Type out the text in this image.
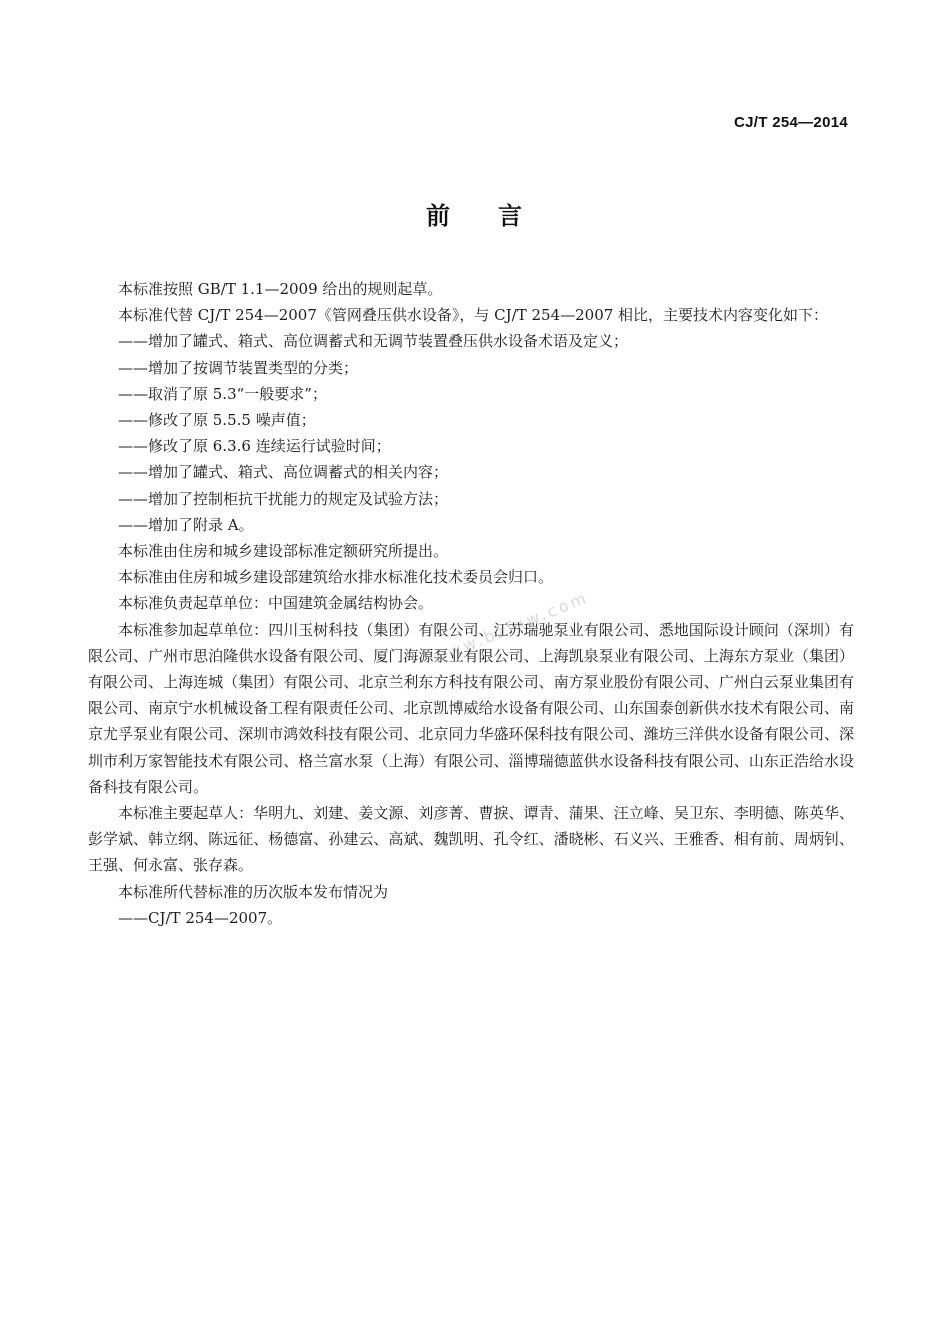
CJ/T 254—2014
前 言

本标准按照 GB/T 1.1—2009 给出的规则起草。

本标准代替 CJ/T 254—2007《管网叠压供水设备》，与 CJ/T 254—2007 相比，主要技术内容变化如下：

——增加了罐式、箱式、高位调蓄式和无调节装置叠压供水设备术语及定义；

——增加了按调节装置类型的分类；

——取消了原 5.3“一般要求”；

——修改了原 5.5.5 噪声值；

——修改了原 6.3.6 连续运行试验时间；

——增加了罐式、箱式、高位调蓄式的相关内容；

——增加了控制柜抗干扰能力的规定及试验方法；

——增加了附录 A。

本标准由住房和城乡建设部标准定额研究所提出。

本标准由住房和城乡建设部建筑给水排水标准化技术委员会归口。

本标准负责起草单位：中国建筑金属结构协会。

本标准参加起草单位：四川玉树科技（集团）有限公司、江苏瑞驰泵业有限公司、悉地国际设计顾问（深圳）有限公司、广州市思泊隆供水设备有限公司、厦门海源泵业有限公司、上海凯泉泵业有限公司、上海东方泵业（集团）有限公司、上海连城（集团）有限公司、北京兰利东方科技有限公司、南方泵业股份有限公司、广州白云泵业集团有限公司、南京宁水机械设备工程有限责任公司、北京凯博威给水设备有限公司、山东国泰创新供水技术有限公司、南京尤孚泵业有限公司、深圳市鸿效科技有限公司、北京同力华盛环保科技有限公司、潍坊三洋供水设备有限公司、深圳市利万家智能技术有限公司、格兰富水泵（上海）有限公司、淄博瑞德蓝供水设备科技有限公司、山东正浩给水设备科技有限公司。

本标准主要起草人：华明九、刘建、姜文源、刘彦菁、曹捩、谭青、蒲果、汪立峰、吴卫东、李明德、陈英华、彭学斌、韩立纲、陈远征、杨德富、孙建云、高斌、魏凯明、孔令红、潘晓彬、石义兴、王雅香、相有前、周炳钊、王强、何永富、张存森。

本标准所代替标准的历次版本发布情况为

——CJ/T 254—2007。

www.bzfxw.com
